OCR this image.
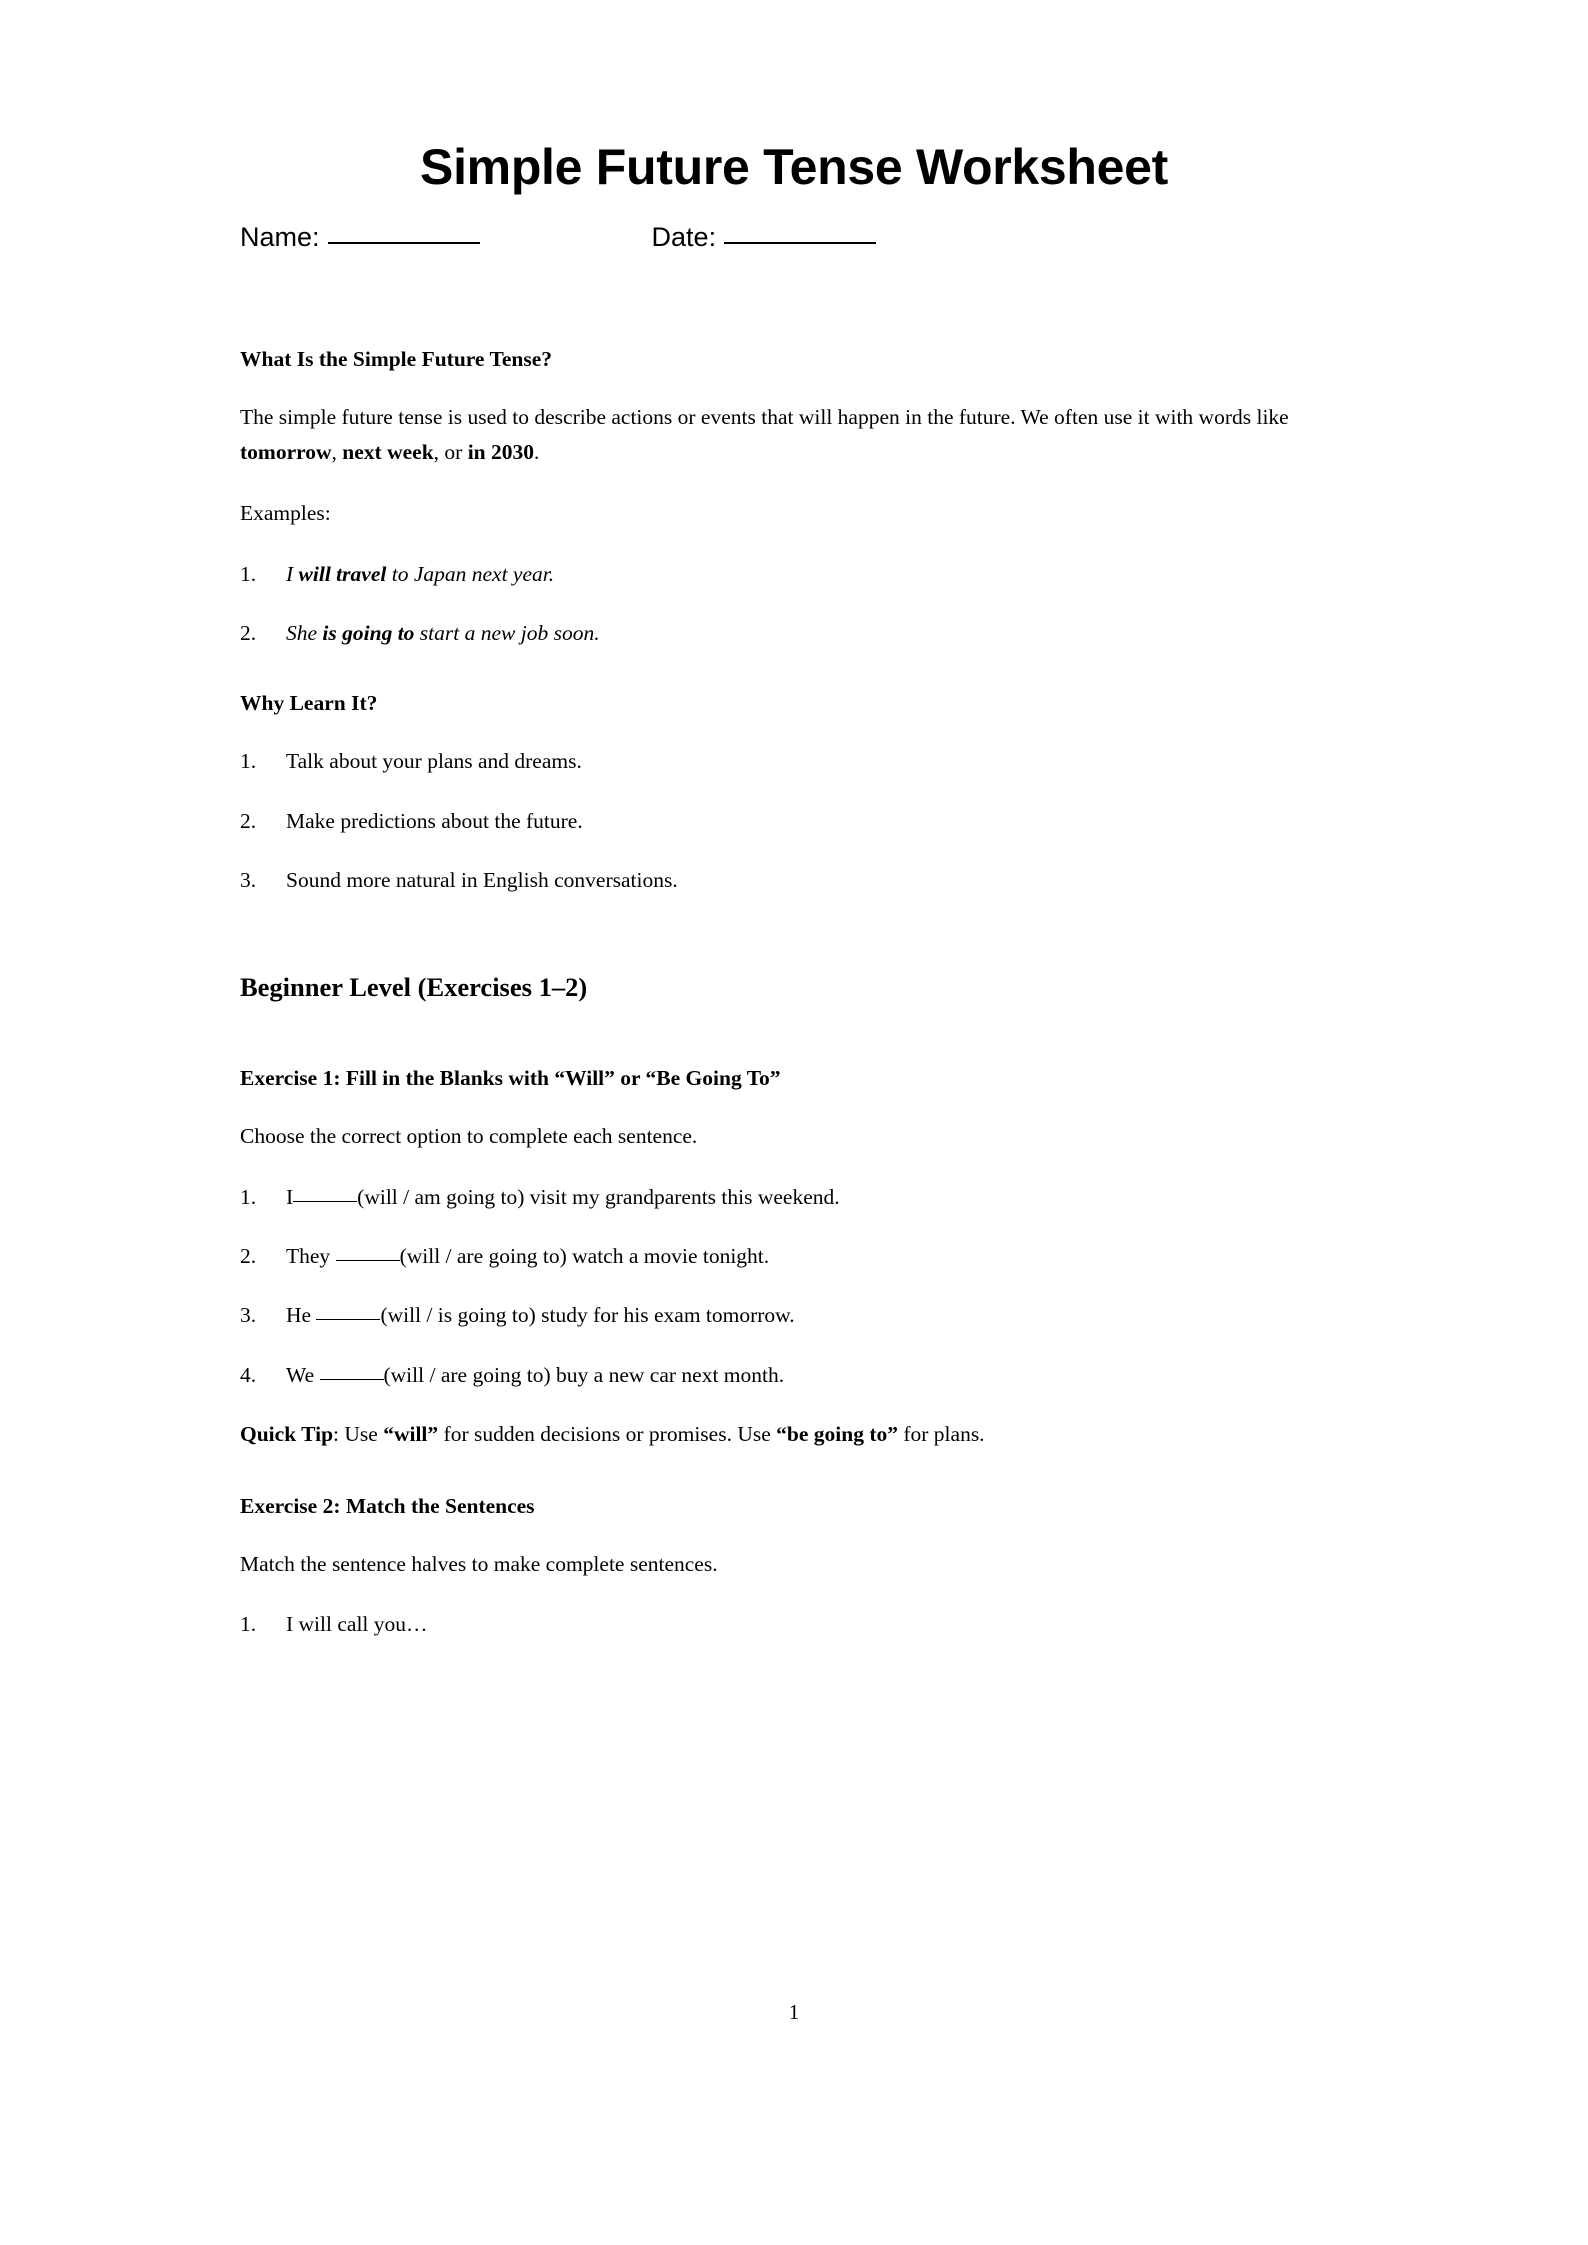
Simple Future Tense Worksheet
Name:	Date:
What Is the Simple Future Tense?

The simple future tense is used to describe actions or events that will happen in the future. We often use it with words like tomorrow, next week, or in 2030.

Examples:

1.	I will travel to Japan next year.
2.	She is going to start a new job soon.
Why Learn It?
1.	Talk about your plans and dreams.
2.	Make predictions about the future.
3.	Sound more natural in English conversations.
Beginner Level (Exercises 1–2)
Exercise 1: Fill in the Blanks with “Will” or “Be Going To”

Choose the correct option to complete each sentence.

1.	I	(will / am going to) visit my grandparents this weekend.
2.	They	(will / are going to) watch a movie tonight.
3.	He	(will / is going to) study for his exam tomorrow.
4.	We	(will / are going to) buy a new car next month.

Quick Tip: Use “will” for sudden decisions or promises. Use “be going to” for plans.

Exercise 2: Match the Sentences

Match the sentence halves to make complete sentences.

1.	I will call you…
1
